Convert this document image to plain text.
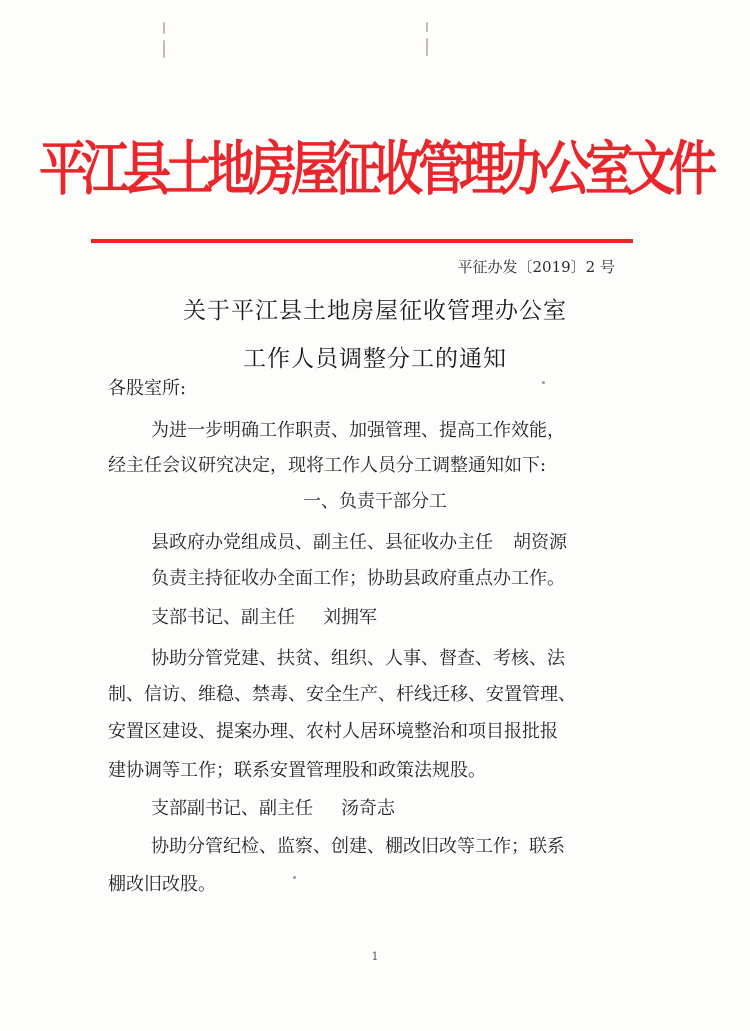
平江县土地房屋征收管理办公室文件
平征办发〔2019〕2 号
关于平江县土地房屋征收管理办公室
工作人员调整分工的通知
各股室所:
为进一步明确工作职责、加强管理、提高工作效能，
经主任会议研究决定，现将工作人员分工调整通知如下:
一、负责干部分工
县政府办党组成员、副主任、县征收办主任 胡资源
负责主持征收办全面工作；协助县政府重点办工作。
支部书记、副主任 刘拥军
协助分管党建、扶贫、组织、人事、督查、考核、法
制、信访、维稳、禁毒、安全生产、杆线迁移、安置管理、
安置区建设、提案办理、农村人居环境整治和项目报批报
建协调等工作；联系安置管理股和政策法规股。
支部副书记、副主任 汤奇志
协助分管纪检、监察、创建、棚改旧改等工作；联系
棚改旧改股。
1
